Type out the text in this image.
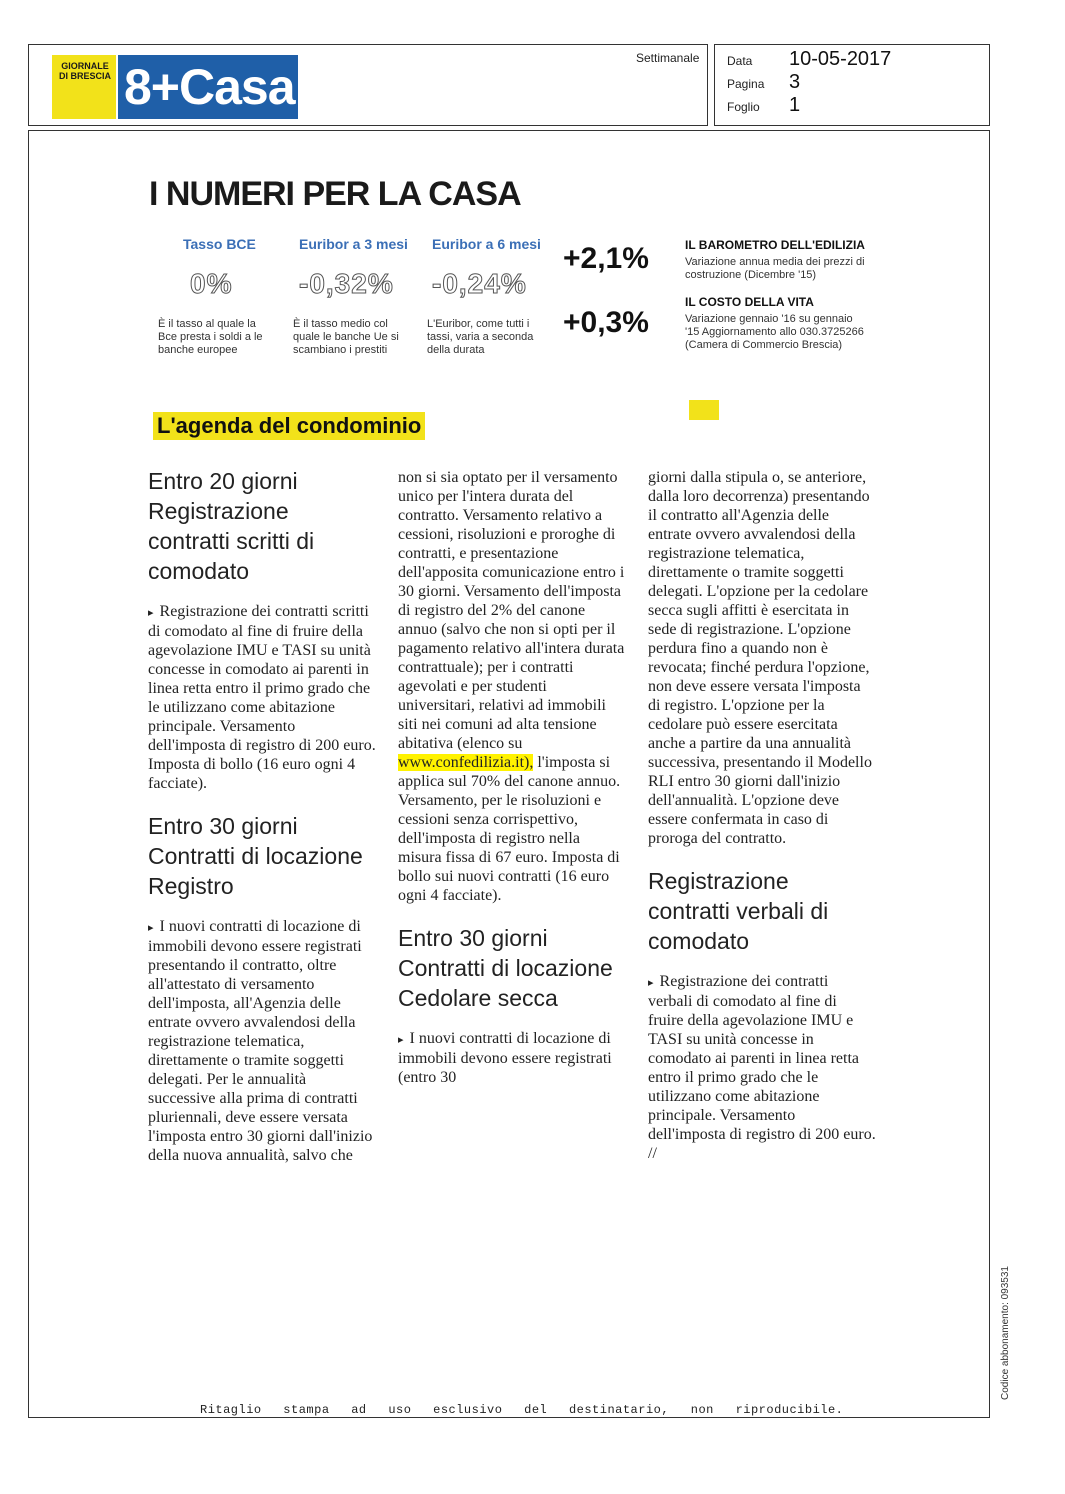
GIORNALE DI BRESCIA 8+Casa
Settimanale Data 10-05-2017
Pagina 3
Foglio 1
I NUMERI PER LA CASA
Tasso BCE
0%
È il tasso al quale la Bce presta i soldi a le banche europee
Euribor a 3 mesi
-0,32%
È il tasso medio col quale le banche Ue si scambiano i prestiti
Euribor a 6 mesi
-0,24%
L'Euribor, come tutti i tassi, varia a seconda della durata
+2,1%	IL BAROMETRO DELL'EDILIZIA
Variazione annua media dei prezzi di costruzione (Dicembre '15)
+0,3%
IL COSTO DELLA VITA
Variazione gennaio '16 su gennaio '15 Aggiornamento allo 030.3725266 (Camera di Commercio Brescia)
L'agenda del condominio
Entro 20 giorni Registrazione contratti scritti di comodato
▸ Registrazione dei contratti scritti di comodato al fine di fruire della agevolazione IMU e TASI su unità concesse in comodato ai parenti in linea retta entro il primo grado che le utilizzano come abitazione principale. Versamento dell'imposta di registro di 200 euro. Imposta di bollo (16 euro ogni 4 facciate).
Entro 30 giorni Contratti di locazione Registro
▸ I nuovi contratti di locazione di immobili devono essere registrati presentando il contratto, oltre all'attestato di versamento dell'imposta, all'Agenzia delle entrate ovvero avvalendosi della registrazione telematica, direttamente o tramite soggetti delegati. Per le annualità successive alla prima di contratti pluriennali, deve essere versata l'imposta entro 30 giorni dall'inizio della nuova annualità, salvo che
non si sia optato per il versamento unico per l'intera durata del contratto. Versamento relativo a cessioni, risoluzioni e proroghe di contratti, e presentazione dell'apposita comunicazione entro i 30 giorni. Versamento dell'imposta di registro del 2% del canone annuo (salvo che non si opti per il pagamento relativo all'intera durata contrattuale); per i contratti agevolati e per studenti universitari, relativi ad immobili siti nei comuni ad alta tensione abitativa (elenco su www.confedilizia.it), l'imposta si applica sul 70% del canone annuo. Versamento, per le risoluzioni e cessioni senza corrispettivo, dell'imposta di registro nella misura fissa di 67 euro. Imposta di bollo sui nuovi contratti (16 euro ogni 4 facciate).
Entro 30 giorni Contratti di locazione Cedolare secca
▸ I nuovi contratti di locazione di immobili devono essere registrati (entro 30
giorni dalla stipula o, se anteriore, dalla loro decorrenza) presentando il contratto all'Agenzia delle entrate ovvero avvalendosi della registrazione telematica, direttamente o tramite soggetti delegati. L'opzione per la cedolare secca sugli affitti è esercitata in sede di registrazione. L'opzione perdura fino a quando non è revocata; finché perdura l'opzione, non deve essere versata l'imposta di registro. L'opzione per la cedolare può essere esercitata anche a partire da una annualità successiva, presentando il Modello RLI entro 30 giorni dall'inizio dell'annualità. L'opzione deve essere confermata in caso di proroga del contratto.
Registrazione contratti verbali di comodato
▸ Registrazione dei contratti verbali di comodato al fine di fruire della agevolazione IMU e TASI su unità concesse in comodato ai parenti in linea retta entro il primo grado che le utilizzano come abitazione principale. Versamento dell'imposta di registro di 200 euro. //
Ritaglio stampa ad uso esclusivo del destinatario, non riproducibile.
Codice abbonamento: 093531
